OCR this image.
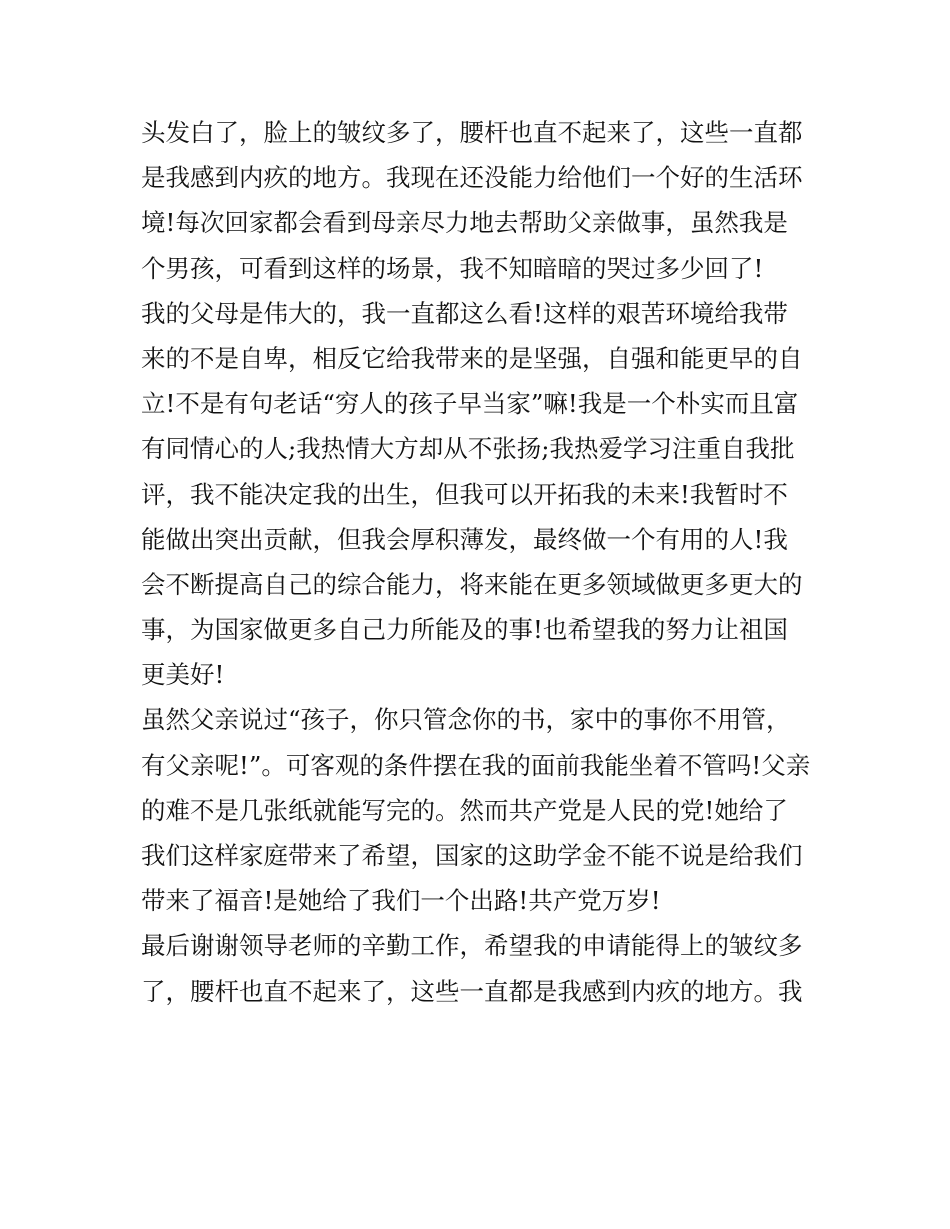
头发白了，脸上的皱纹多了，腰杆也直不起来了，这些一直都
是我感到内疚的地方。我现在还没能力给他们一个好的生活环
境!每次回家都会看到母亲尽力地去帮助父亲做事，虽然我是
个男孩，可看到这样的场景，我不知暗暗的哭过多少回了!
我的父母是伟大的，我一直都这么看!这样的艰苦环境给我带
来的不是自卑，相反它给我带来的是坚强，自强和能更早的自
立!不是有句老话“穷人的孩子早当家”嘛!我是一个朴实而且富
有同情心的人;我热情大方却从不张扬;我热爱学习注重自我批
评，我不能决定我的出生，但我可以开拓我的未来!我暂时不
能做出突出贡献，但我会厚积薄发，最终做一个有用的人!我
会不断提高自己的综合能力，将来能在更多领域做更多更大的
事，为国家做更多自己力所能及的事!也希望我的努力让祖国
更美好!
虽然父亲说过“孩子，你只管念你的书，家中的事你不用管，
有父亲呢!”。可客观的条件摆在我的面前我能坐着不管吗!父亲
的难不是几张纸就能写完的。然而共产党是人民的党!她给了
我们这样家庭带来了希望，国家的这助学金不能不说是给我们
带来了福音!是她给了我们一个出路!共产党万岁!
最后谢谢领导老师的辛勤工作，希望我的申请能得上的皱纹多
了，腰杆也直不起来了，这些一直都是我感到内疚的地方。我
